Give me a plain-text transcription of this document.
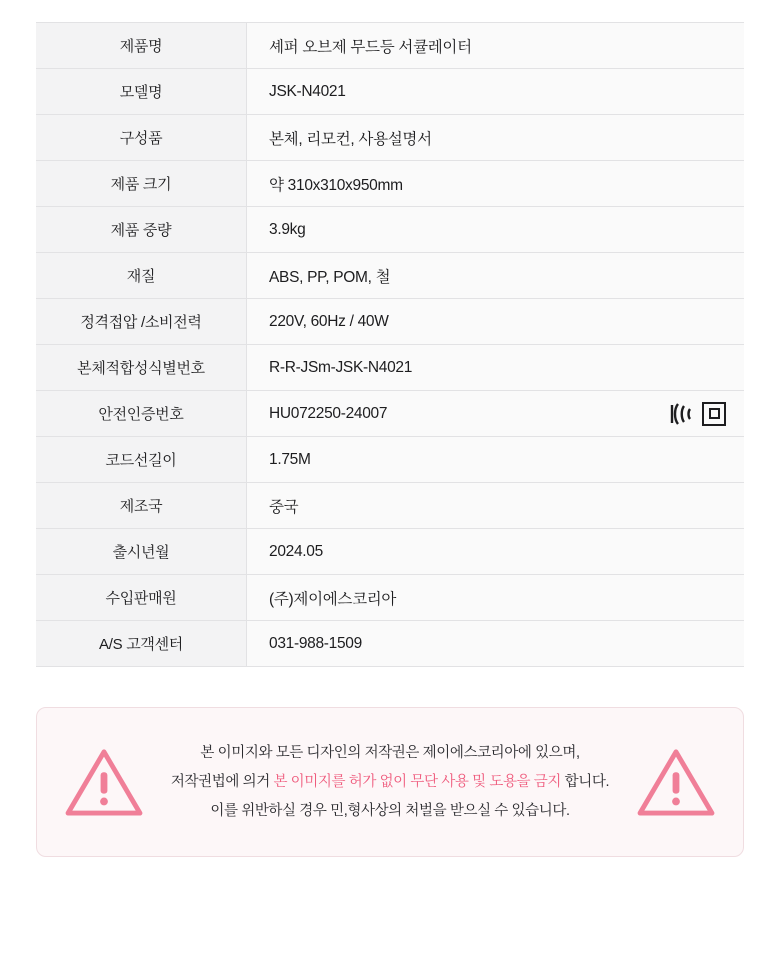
제품명	셰퍼 오브제 무드등 서큘레이터
모델명	JSK-N4021
구성품	본체, 리모컨, 사용설명서
제품 크기	약 310x310x950mm
제품 중량	3.9kg
재질	ABS, PP, POM, 철
정격접압 /소비전력	220V, 60Hz / 40W
본체적합성식별번호	R-R-JSm-JSK-N4021
안전인증번호	HU072250-24007

코드선길이	1.75M
제조국	중국
출시년월	2024.05
수입판매원	(주)제이에스코리아
A/S 고객센터	031-988-1509
본 이미지와 모든 디자인의 저작권은 제이에스코리아에 있으며,
저작권법에 의거 본 이미지를 허가 없이 무단 사용 및 도용을 금지 합니다.
이를 위반하실 경우 민,형사상의 처벌을 받으실 수 있습니다.
